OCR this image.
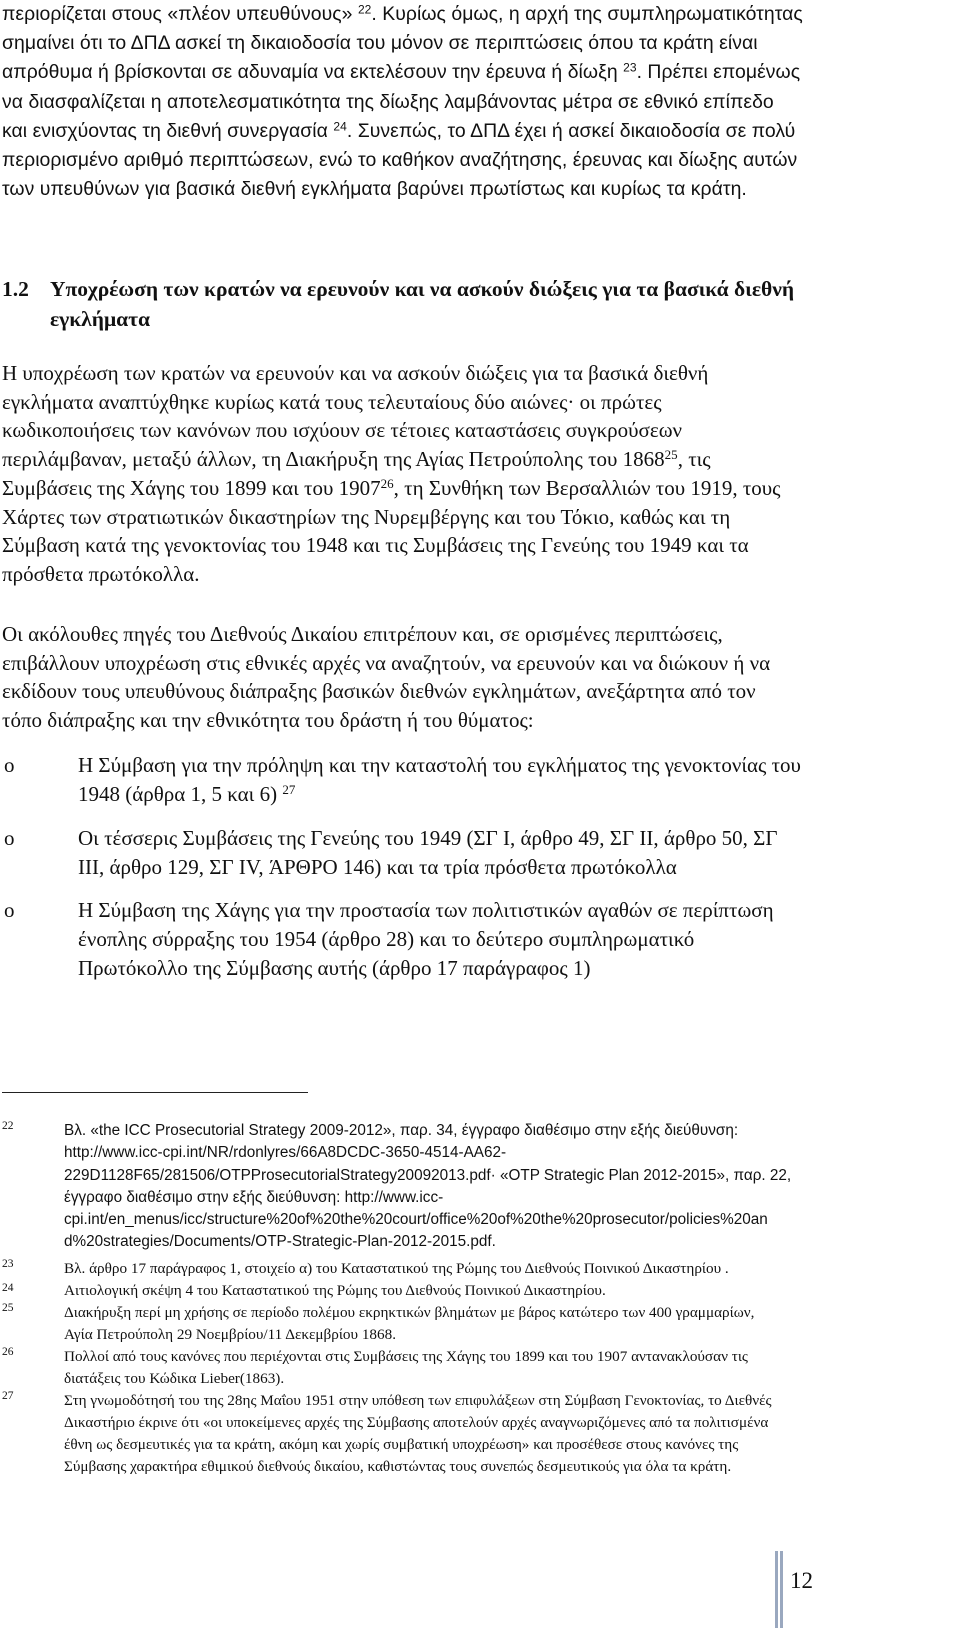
περιορίζεται στους «πλέον υπευθύνους» $^{22}$. Κυρίως όμως, η αρχή της συμπληρωματικότητας
σημαίνει ότι το ΔΠΔ ασκεί τη δικαιοδοσία του μόνον σε περιπτώσεις όπου τα κράτη είναι
απρόθυμα ή βρίσκονται σε αδυναμία να εκτελέσουν την έρευνα ή δίωξη $^{23}$. Πρέπει επομένως
να διασφαλίζεται η αποτελεσματικότητα της δίωξης λαμβάνοντας μέτρα σε εθνικό επίπεδο
και ενισχύοντας τη διεθνή συνεργασία $^{24}$. Συνεπώς, το ΔΠΔ έχει ή ασκεί δικαιοδοσία σε πολύ
περιορισμένο αριθμό περιπτώσεων, ενώ το καθήκον αναζήτησης, έρευνας και δίωξης αυτών
των υπευθύνων για βασικά διεθνή εγκλήματα βαρύνει πρωτίστως και κυρίως τα κράτη.
1.2 Υποχρέωση των κρατών να ερευνούν και να ασκούν διώξεις για τα βασικά διεθνή
εγκλήματα
Η υποχρέωση των κρατών να ερευνούν και να ασκούν διώξεις για τα βασικά διεθνή
εγκλήματα αναπτύχθηκε κυρίως κατά τους τελευταίους δύο αιώνες· οι πρώτες
κωδικοποιήσεις των κανόνων που ισχύουν σε τέτοιες καταστάσεις συγκρούσεων
περιλάμβαναν, μεταξύ άλλων, τη Διακήρυξη της Αγίας Πετρούπολης του 1868$^{25}$, τις
Συμβάσεις της Χάγης του 1899 και του 1907$^{26}$, τη Συνθήκη των Βερσαλλιών του 1919, τους
Χάρτες των στρατιωτικών δικαστηρίων της Νυρεμβέργης και του Τόκιο, καθώς και τη
Σύμβαση κατά της γενοκτονίας του 1948 και τις Συμβάσεις της Γενεύης του 1949 και τα
πρόσθετα πρωτόκολλα.
Οι ακόλουθες πηγές του Διεθνούς Δικαίου επιτρέπουν και, σε ορισμένες περιπτώσεις,
επιβάλλουν υποχρέωση στις εθνικές αρχές να αναζητούν, να ερευνούν και να διώκουν ή να
εκδίδουν τους υπευθύνους διάπραξης βασικών διεθνών εγκλημάτων, ανεξάρτητα από τον
τόπο διάπραξης και την εθνικότητα του δράστη ή του θύματος:
o	Η Σύμβαση για την πρόληψη και την καταστολή του εγκλήματος της γενοκτονίας του
1948 (άρθρα 1, 5 και 6) $^{27}$
o	Οι τέσσερις Συμβάσεις της Γενεύης του 1949 (ΣΓ Ι, άρθρο 49, ΣΓ ΙΙ, άρθρο 50, ΣΓ
ΙΙΙ, άρθρο 129, ΣΓ IV, ΆΡΘΡΟ 146) και τα τρία πρόσθετα πρωτόκολλα
o	Η Σύμβαση της Χάγης για την προστασία των πολιτιστικών αγαθών σε περίπτωση
ένοπλης σύρραξης του 1954 (άρθρο 28) και το δεύτερο συμπληρωματικό
Πρωτόκολλο της Σύμβασης αυτής (άρθρο 17 παράγραφος 1)
22	Βλ. «the ICC Prosecutorial Strategy 2009-2012», παρ. 34, έγγραφο διαθέσιμο στην εξής διεύθυνση:
http://www.icc-cpi.int/NR/rdonlyres/66A8DCDC-3650-4514-AA62-
229D1128F65/281506/OTPProsecutorialStrategy20092013.pdf· «OTP Strategic Plan 2012-2015», παρ. 22,
έγγραφο διαθέσιμο στην εξής διεύθυνση: http://www.icc-
cpi.int/en_menus/icc/structure%20of%20the%20court/office%20of%20the%20prosecutor/policies%20an
d%20strategies/Documents/OTP-Strategic-Plan-2012-2015.pdf.
23	Βλ. άρθρο 17 παράγραφος 1, στοιχείο α) του Καταστατικού της Ρώμης του Διεθνούς Ποινικού Δικαστηρίου .
24	Αιτιολογική σκέψη 4 του Καταστατικού της Ρώμης του Διεθνούς Ποινικού Δικαστηρίου.
25	Διακήρυξη περί μη χρήσης σε περίοδο πολέμου εκρηκτικών βλημάτων με βάρος κατώτερο των 400 γραμμαρίων,
Αγία Πετρούπολη 29 Νοεμβρίου/11 Δεκεμβρίου 1868.
26	Πολλοί από τους κανόνες που περιέχονται στις Συμβάσεις της Χάγης του 1899 και του 1907 αντανακλούσαν τις
διατάξεις του Κώδικα Lieber(1863).
27	Στη γνωμοδότησή του της 28ης Μαΐου 1951 στην υπόθεση των επιφυλάξεων στη Σύμβαση Γενοκτονίας, το Διεθνές
Δικαστήριο έκρινε ότι «οι υποκείμενες αρχές της Σύμβασης αποτελούν αρχές αναγνωριζόμενες από τα πολιτισμένα
έθνη ως δεσμευτικές για τα κράτη, ακόμη και χωρίς συμβατική υποχρέωση» και προσέθεσε στους κανόνες της
Σύμβασης χαρακτήρα εθιμικού διεθνούς δικαίου, καθιστώντας τους συνεπώς δεσμευτικούς για όλα τα κράτη.
12
